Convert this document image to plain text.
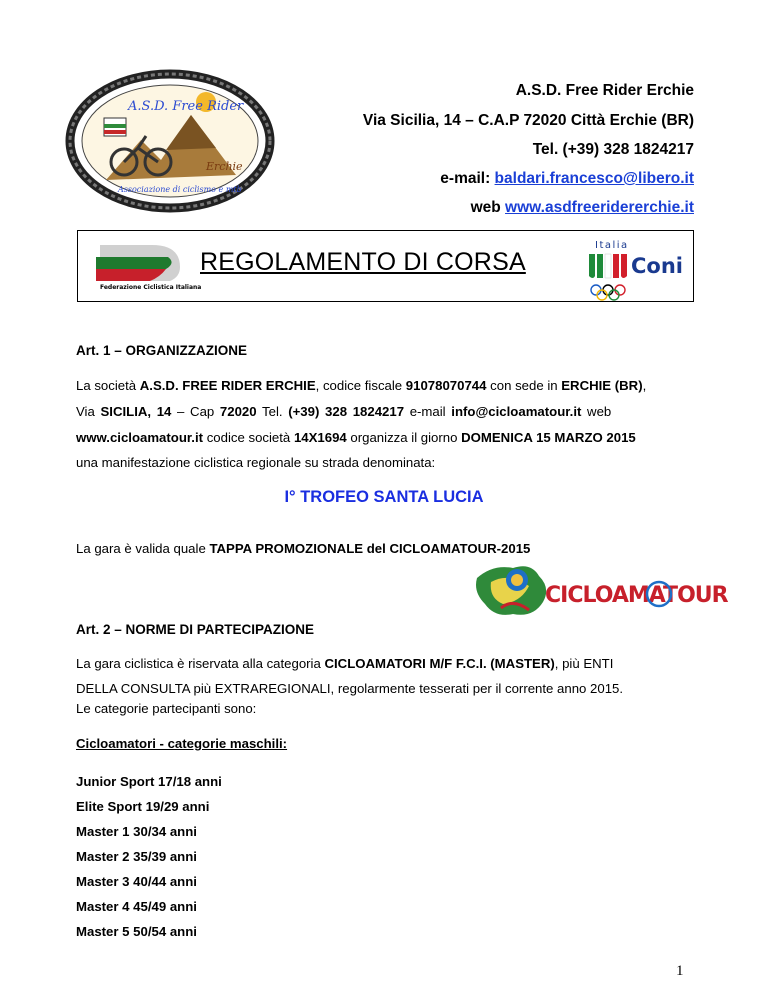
A.S.D. Free Rider
Erchie
Associazione di ciclismo e mtb
A.S.D. Free Rider Erchie
Via Sicilia, 14 – C.A.P 72020 Città Erchie (BR)
Tel. (+39) 328 1824217
e-mail: baldari.francesco@libero.it
web www.asdfreeridererchie.it
Federazione Ciclistica Italiana
REGOLAMENTO DI CORSA
Italia
Coni
Art. 1 – ORGANIZZAZIONE
La società A.S.D. FREE RIDER ERCHIE, codice fiscale 91078070744 con sede in ERCHIE (BR),
Via SICILIA, 14 – Cap 72020 Tel. (+39) 328 1824217 e-mail info@cicloamatour.it web
www.cicloamatour.it codice società 14X1694 organizza il giorno DOMENICA 15 MARZO 2015
una manifestazione ciclistica regionale su strada denominata:
I° TROFEO SANTA LUCIA
La gara è valida quale TAPPA PROMOZIONALE del CICLOAMATOUR-2015
CICLOAMATOUR
Art. 2 – NORME DI PARTECIPAZIONE
La gara ciclistica è riservata alla categoria CICLOAMATORI M/F F.C.I. (MASTER), più ENTI
DELLA CONSULTA più EXTRAREGIONALI, regolarmente tesserati per il corrente anno 2015.
Le categorie partecipanti sono:
Cicloamatori - categorie maschili:
Junior Sport 17/18 anni
Elite Sport 19/29 anni
Master 1 30/34 anni
Master 2 35/39 anni
Master 3 40/44 anni
Master 4 45/49 anni
Master 5 50/54 anni
1
